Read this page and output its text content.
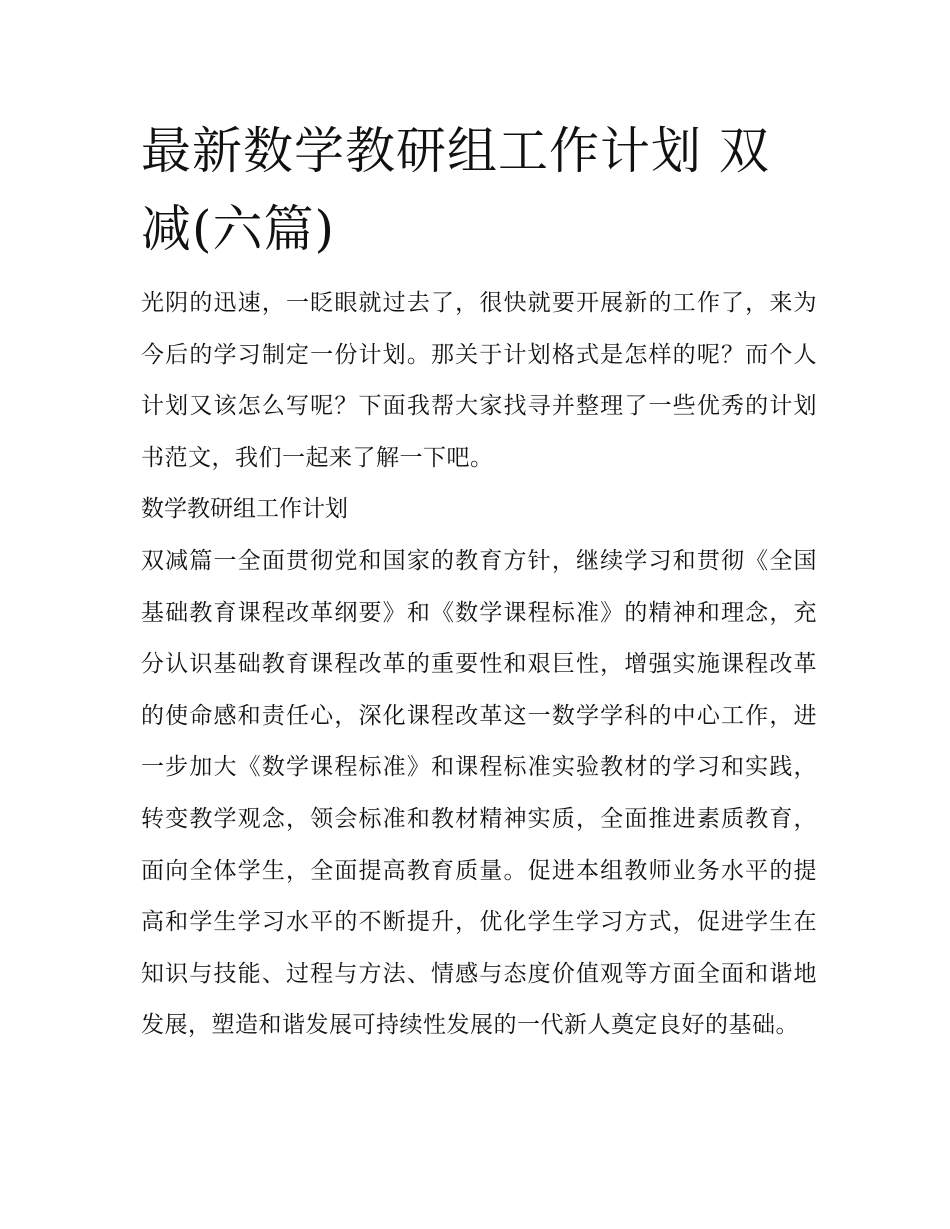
最新数学教研组工作计划 双减(六篇)

光阴的迅速，一眨眼就过去了，很快就要开展新的工作了，来为今后的学习制定一份计划。那关于计划格式是怎样的呢？而个人计划又该怎么写呢？下面我帮大家找寻并整理了一些优秀的计划书范文，我们一起来了解一下吧。

数学教研组工作计划

双减篇一全面贯彻党和国家的教育方针，继续学习和贯彻《全国基础教育课程改革纲要》和《数学课程标准》的精神和理念，充分认识基础教育课程改革的重要性和艰巨性，增强实施课程改革的使命感和责任心，深化课程改革这一数学学科的中心工作，进一步加大《数学课程标准》和课程标准实验教材的学习和实践，转变教学观念，领会标准和教材精神实质，全面推进素质教育，面向全体学生，全面提高教育质量。促进本组教师业务水平的提高和学生学习水平的不断提升，优化学生学习方式，促进学生在知识与技能、过程与方法、情感与态度价值观等方面全面和谐地发展，塑造和谐发展可持续性发展的一代新人奠定良好的基础。
